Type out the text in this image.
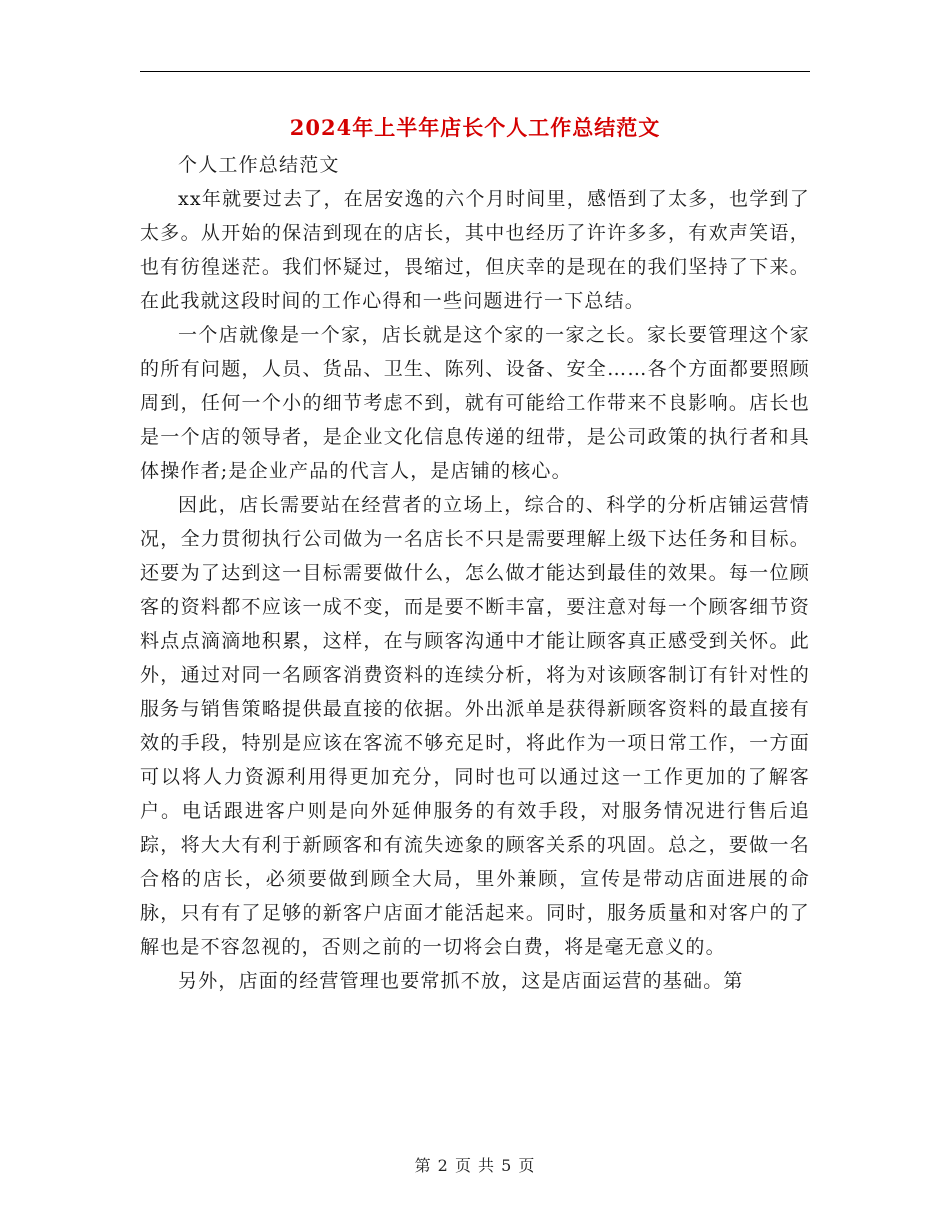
2024年上半年店长个人工作总结范文

个人工作总结范文

xx年就要过去了，在居安逸的六个月时间里，感悟到了太多，也学到了太多。从开始的保洁到现在的店长，其中也经历了许许多多，有欢声笑语，也有彷徨迷茫。我们怀疑过，畏缩过，但庆幸的是现在的我们坚持了下来。在此我就这段时间的工作心得和一些问题进行一下总结。

一个店就像是一个家，店长就是这个家的一家之长。家长要管理这个家的所有问题，人员、货品、卫生、陈列、设备、安全……各个方面都要照顾周到，任何一个小的细节考虑不到，就有可能给工作带来不良影响。店长也是一个店的领导者，是企业文化信息传递的纽带，是公司政策的执行者和具体操作者;是企业产品的代言人，是店铺的核心。

因此，店长需要站在经营者的立场上，综合的、科学的分析店铺运营情况，全力贯彻执行公司做为一名店长不只是需要理解上级下达任务和目标。还要为了达到这一目标需要做什么，怎么做才能达到最佳的效果。每一位顾客的资料都不应该一成不变，而是要不断丰富，要注意对每一个顾客细节资料点点滴滴地积累，这样，在与顾客沟通中才能让顾客真正感受到关怀。此外，通过对同一名顾客消费资料的连续分析，将为对该顾客制订有针对性的服务与销售策略提供最直接的依据。外出派单是获得新顾客资料的最直接有效的手段，特别是应该在客流不够充足时，将此作为一项日常工作，一方面可以将人力资源利用得更加充分，同时也可以通过这一工作更加的了解客户。电话跟进客户则是向外延伸服务的有效手段，对服务情况进行售后追踪，将大大有利于新顾客和有流失迹象的顾客关系的巩固。总之，要做一名合格的店长，必须要做到顾全大局，里外兼顾，宣传是带动店面进展的命脉，只有有了足够的新客户店面才能活起来。同时，服务质量和对客户的了解也是不容忽视的，否则之前的一切将会白费，将是毫无意义的。

另外，店面的经营管理也要常抓不放，这是店面运营的基础。第

第 2 页 共 5 页
